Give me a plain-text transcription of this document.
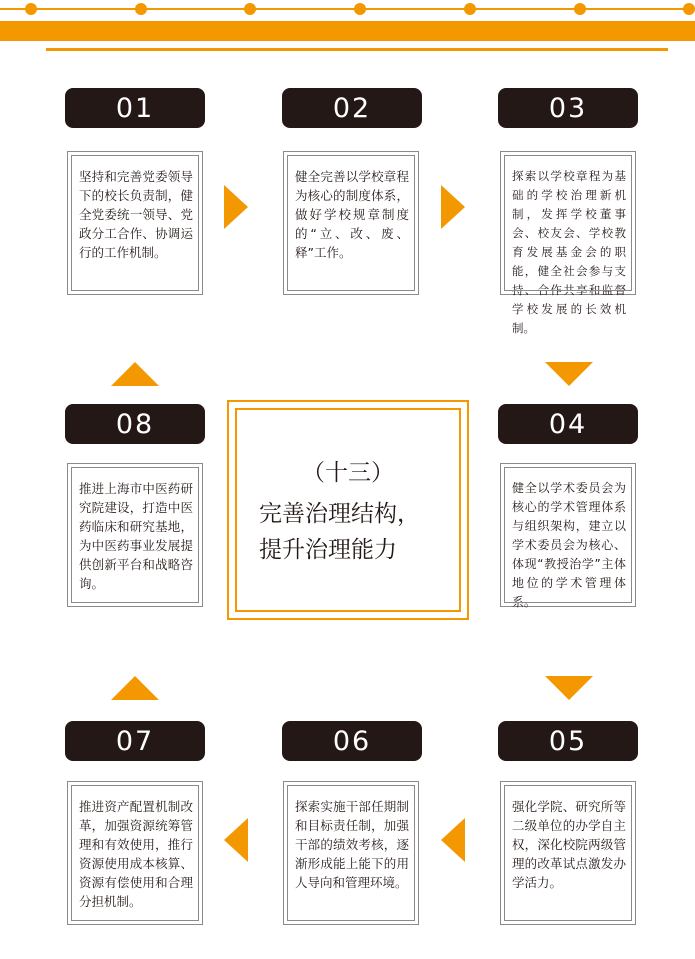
01
坚持和完善党委领导下的校长负责制，健全党委统一领导、党政分工合作、协调运行的工作机制。
02
健全完善以学校章程为核心的制度体系，做好学校规章制度的“立、改、废、释”工作。
03
探索以学校章程为基础的学校治理新机制，发挥学校董事会、校友会、学校教育发展基金会的职能，健全社会参与支持、合作共享和监督学校发展的长效机制。
08
推进上海市中医药研究院建设，打造中医药临床和研究基地，为中医药事业发展提供创新平台和战略咨询。
04
健全以学术委员会为核心的学术管理体系与组织架构，建立以学术委员会为核心、体现“教授治学”主体地位的学术管理体系。
07
推进资产配置机制改革，加强资源统筹管理和有效使用，推行资源使用成本核算、资源有偿使用和合理分担机制。
06
探索实施干部任期制和目标责任制，加强干部的绩效考核，逐渐形成能上能下的用人导向和管理环境。
05
强化学院、研究所等二级单位的办学自主权，深化校院两级管理的改革试点激发办学活力。
（十三）
完善治理结构，
提升治理能力
